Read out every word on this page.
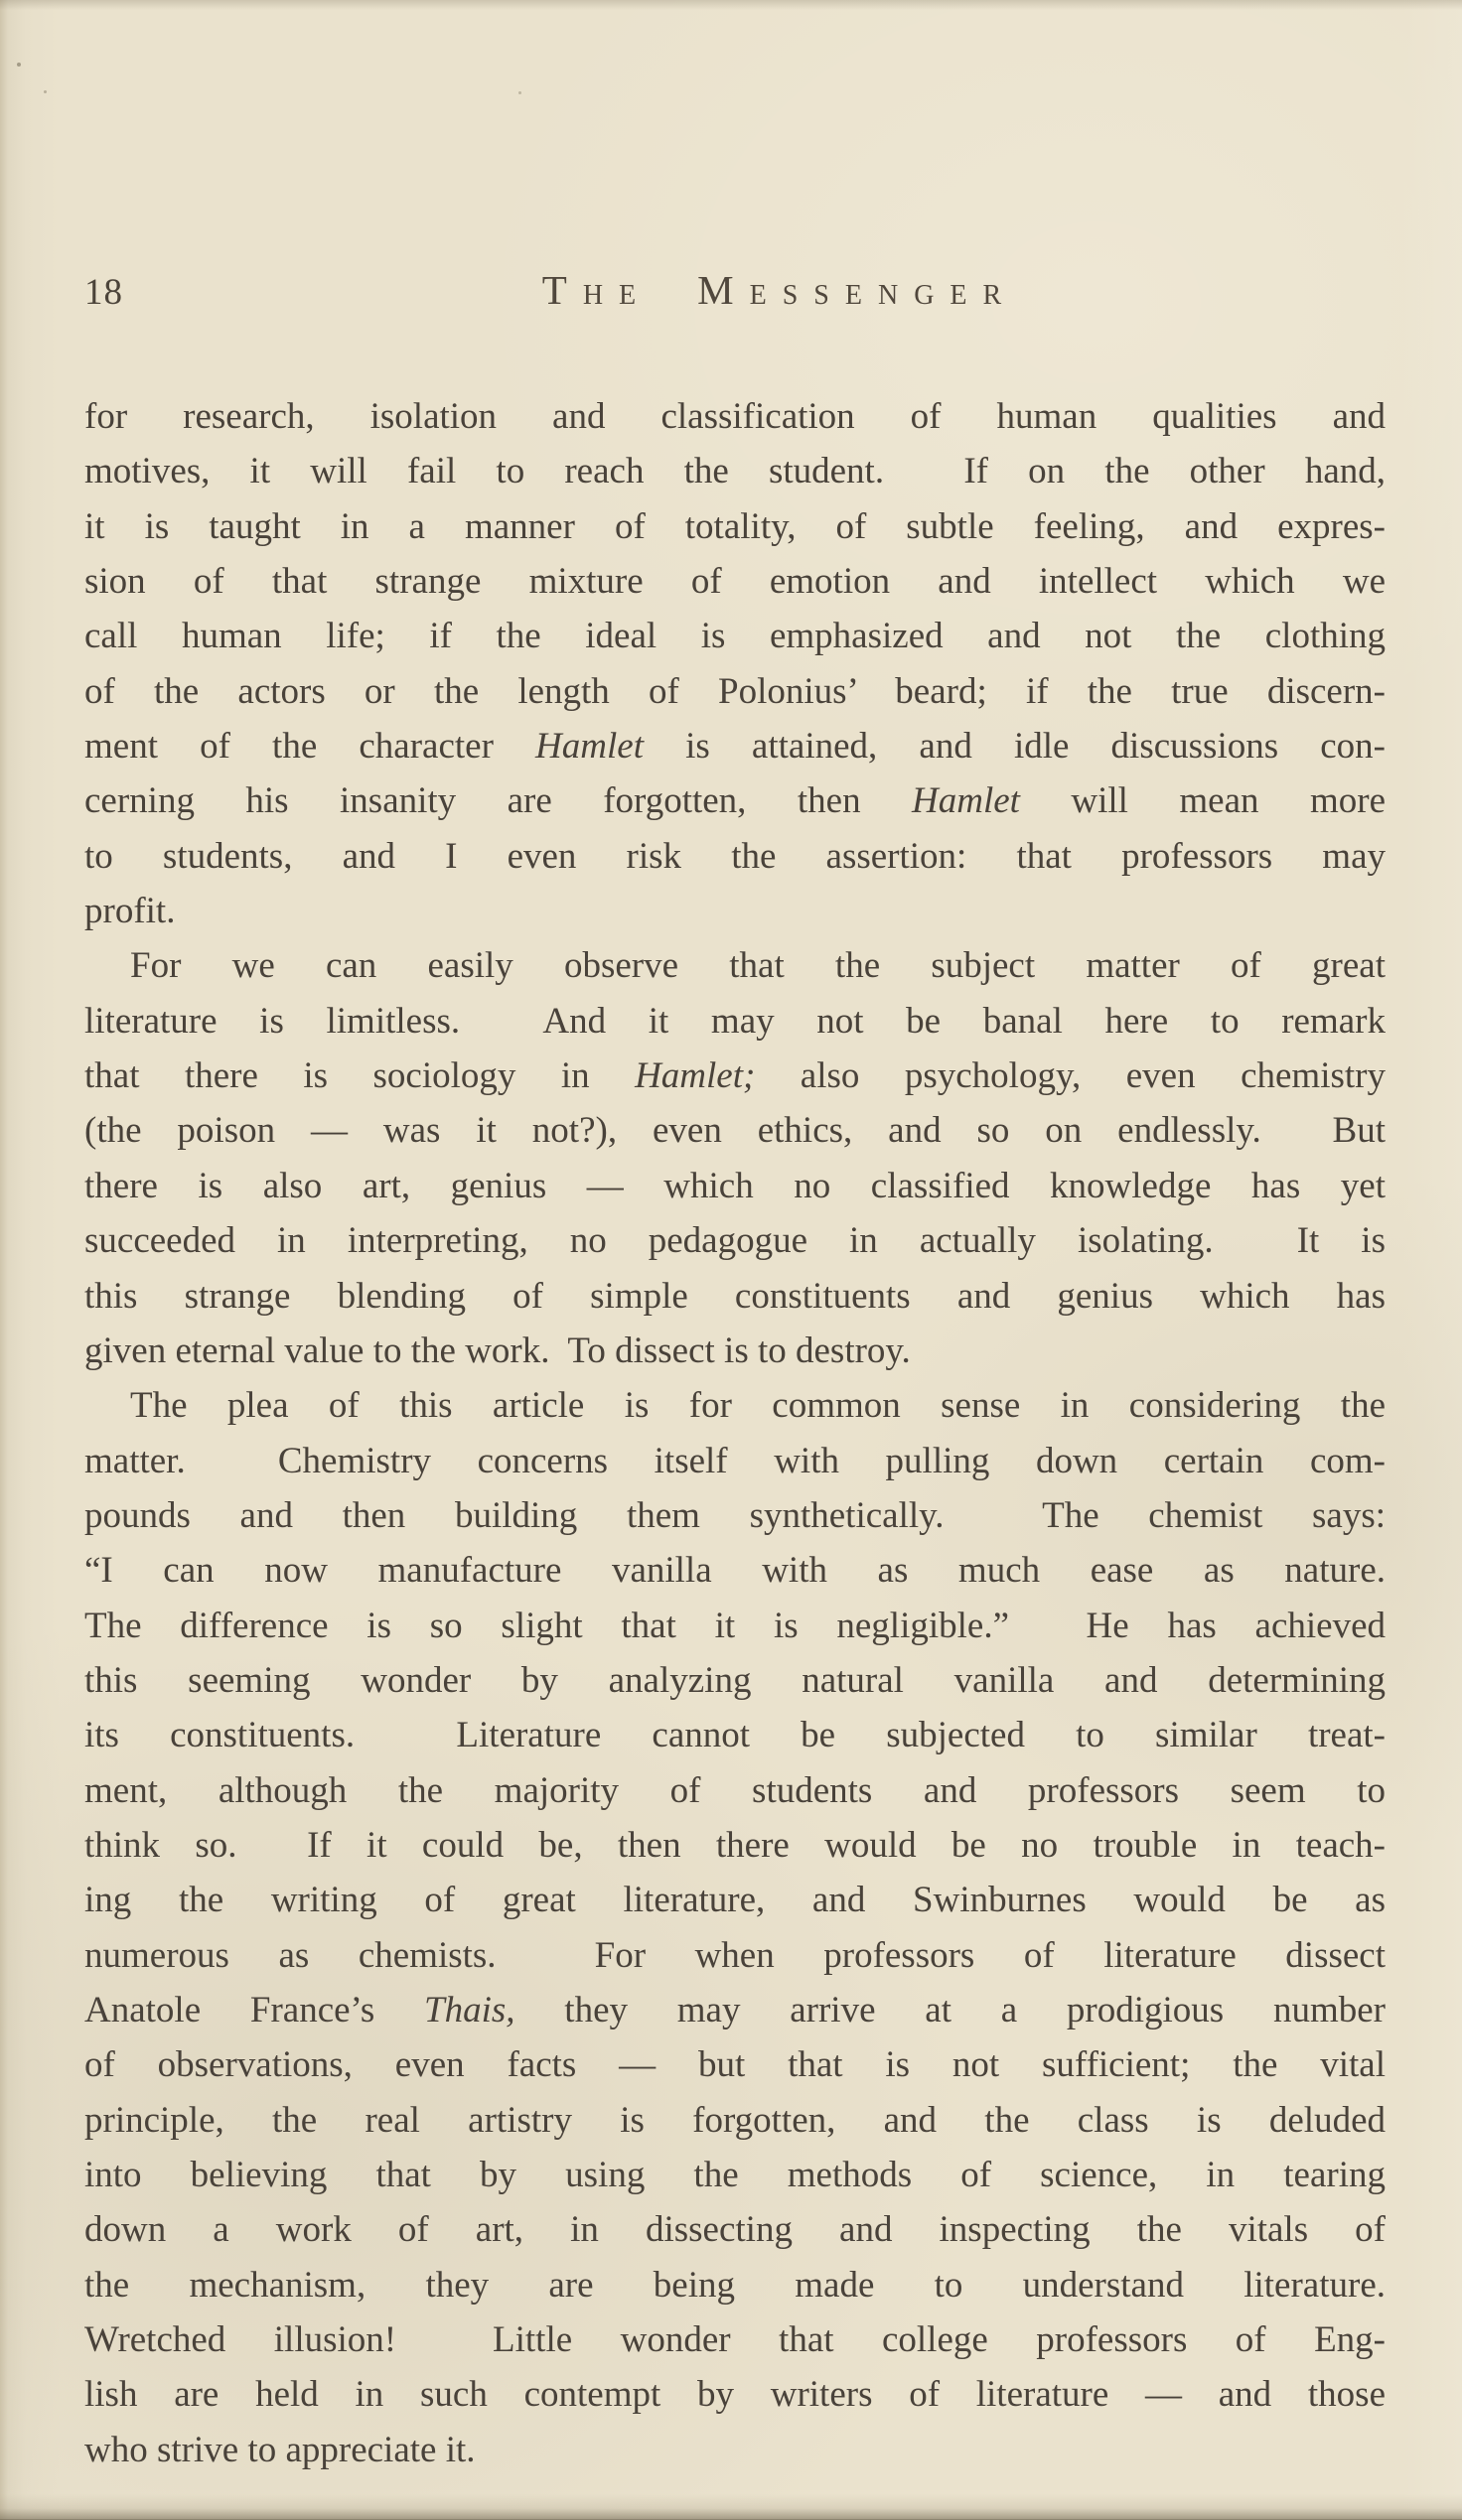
18	THE MESSENGER
for research, isolation and classification of human qualities and
motives, it will fail to reach the student.  If on the other hand,
it is taught in a manner of totality, of subtle feeling, and expres-
sion of that strange mixture of emotion and intellect which we
call human life; if the ideal is emphasized and not the clothing
of the actors or the length of Polonius’ beard; if the true discern-
ment of the character Hamlet is attained, and idle discussions con-
cerning his insanity are forgotten, then Hamlet will mean more
to students, and I even risk the assertion: that professors may
profit.
For we can easily observe that the subject matter of great
literature is limitless.  And it may not be banal here to remark
that there is sociology in Hamlet; also psychology, even chemistry
(the poison — was it not?), even ethics, and so on endlessly.  But
there is also art, genius — which no classified knowledge has yet
succeeded in interpreting, no pedagogue in actually isolating.  It is
this strange blending of simple constituents and genius which has
given eternal value to the work.  To dissect is to destroy.
The plea of this article is for common sense in considering the
matter.  Chemistry concerns itself with pulling down certain com-
pounds and then building them synthetically.  The chemist says:
“I can now manufacture vanilla with as much ease as nature.
The difference is so slight that it is negligible.”  He has achieved
this seeming wonder by analyzing natural vanilla and determining
its constituents.  Literature cannot be subjected to similar treat-
ment, although the majority of students and professors seem to
think so.  If it could be, then there would be no trouble in teach-
ing the writing of great literature, and Swinburnes would be as
numerous as chemists.  For when professors of literature dissect
Anatole France’s Thais, they may arrive at a prodigious number
of observations, even facts — but that is not sufficient; the vital
principle, the real artistry is forgotten, and the class is deluded
into believing that by using the methods of science, in tearing
down a work of art, in dissecting and inspecting the vitals of
the mechanism, they are being made to understand literature.
Wretched illusion!  Little wonder that college professors of Eng-
lish are held in such contempt by writers of literature — and those
who strive to appreciate it.
